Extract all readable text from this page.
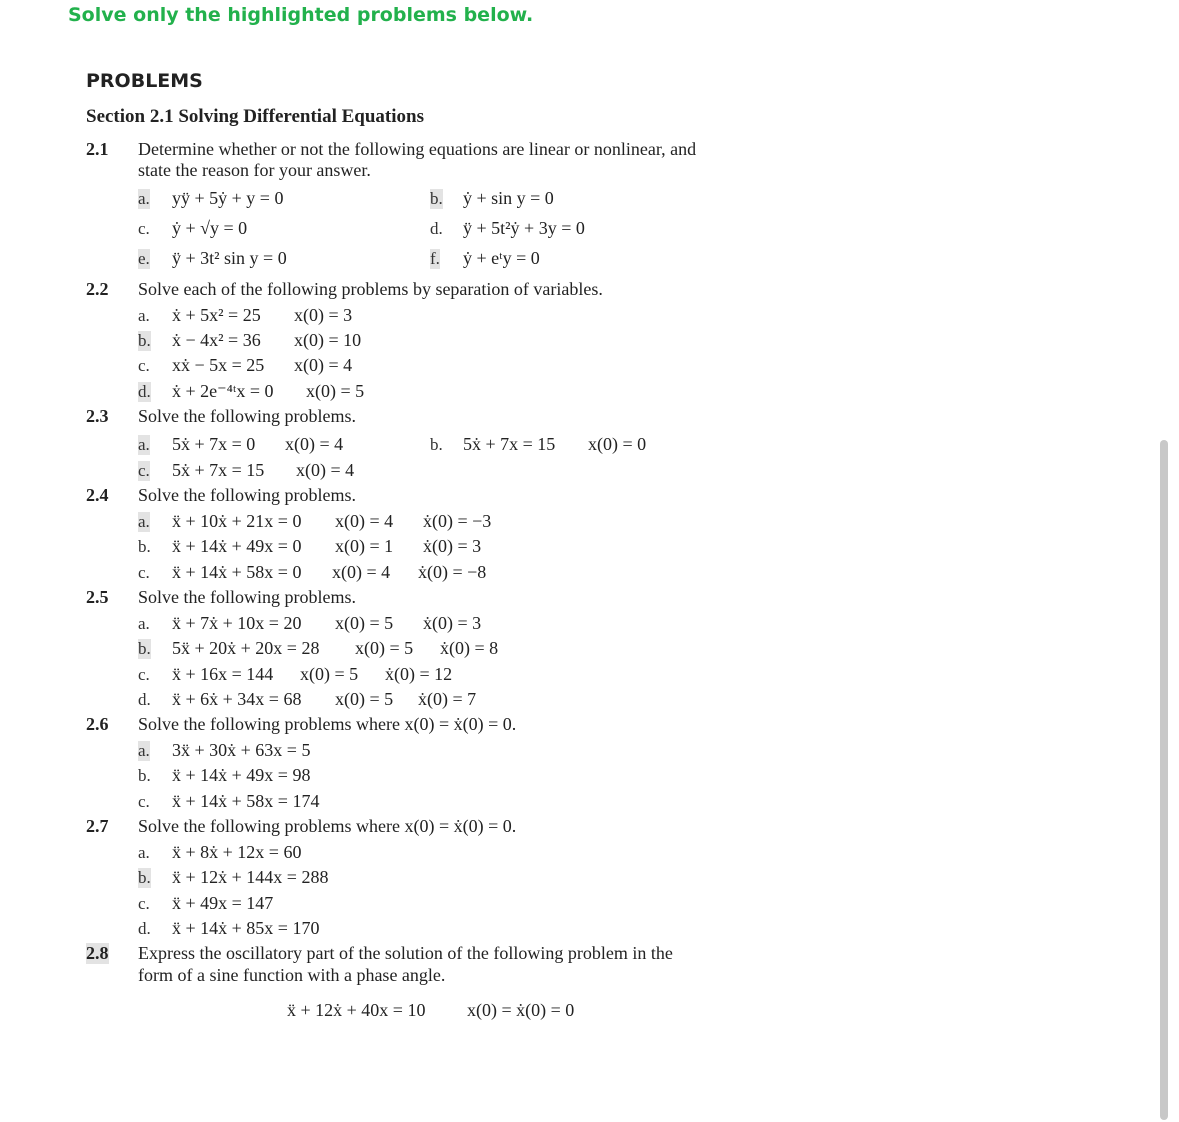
Solve only the highlighted problems below.
PROBLEMS
Section 2.1 Solving Differential Equations
2.1 Determine whether or not the following equations are linear or nonlinear, and
state the reason for your answer.
a. yÿ + 5ẏ + y = 0	b. ẏ + sin y = 0
c. ẏ + √y = 0	d. ÿ + 5t²ẏ + 3y = 0
e. ÿ + 3t² sin y = 0	f. ẏ + eᵗy = 0
2.2 Solve each of the following problems by separation of variables.
a. ẋ + 5x² = 25 x(0) = 3
b. ẋ − 4x² = 36 x(0) = 10
c. xẋ − 5x = 25 x(0) = 4
d. ẋ + 2e⁻⁴ᵗx = 0 x(0) = 5
2.3 Solve the following problems.
a. 5ẋ + 7x = 0 x(0) = 4	b. 5ẋ + 7x = 15 x(0) = 0
c. 5ẋ + 7x = 15 x(0) = 4
2.4 Solve the following problems.
a. ẍ + 10ẋ + 21x = 0 x(0) = 4 ẋ(0) = −3
b. ẍ + 14ẋ + 49x = 0 x(0) = 1 ẋ(0) = 3
c. ẍ + 14ẋ + 58x = 0 x(0) = 4 ẋ(0) = −8
2.5 Solve the following problems.
a. ẍ + 7ẋ + 10x = 20 x(0) = 5 ẋ(0) = 3
b. 5ẍ + 20ẋ + 20x = 28 x(0) = 5 ẋ(0) = 8
c. ẍ + 16x = 144 x(0) = 5 ẋ(0) = 12
d. ẍ + 6ẋ + 34x = 68 x(0) = 5 ẋ(0) = 7
2.6 Solve the following problems where x(0) = ẋ(0) = 0.
a. 3ẍ + 30ẋ + 63x = 5
b. ẍ + 14ẋ + 49x = 98
c. ẍ + 14ẋ + 58x = 174
2.7 Solve the following problems where x(0) = ẋ(0) = 0.
a. ẍ + 8ẋ + 12x = 60
b. ẍ + 12ẋ + 144x = 288
c. ẍ + 49x = 147
d. ẍ + 14ẋ + 85x = 170
2.8 Express the oscillatory part of the solution of the following problem in the
form of a sine function with a phase angle.
ẍ + 12ẋ + 40x = 10 x(0) = ẋ(0) = 0
